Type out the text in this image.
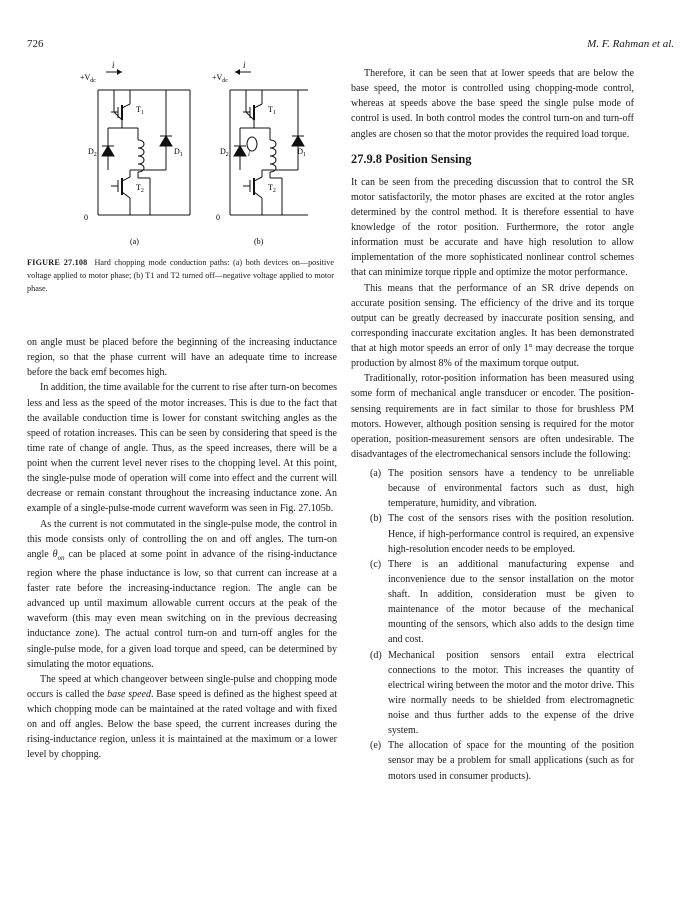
726	M. F. Rahman et al.
i	i
$+V_{dc}$	$+V_{dc}$
$T_1$	$T_1$
$T_2$	$T_2$
$D_2$	$D_2$
$D_1$	$D_1$
i
0	0
(a)	(b)
FIGURE 27.108 Hard chopping mode conduction paths: (a) both devices on—positive voltage applied to motor phase; (b) T1 and T2 turned off—negative voltage applied to motor phase.

on angle must be placed before the beginning of the increasing inductance region, so that the phase current will have an adequate time to increase before the back emf becomes high.

In addition, the time available for the current to rise after turn-on becomes less and less as the speed of the motor increases. This is due to the fact that the available conduction time is lower for constant switching angles as the speed of rotation increases. This can be seen by considering that speed is the time rate of change of angle. Thus, as the speed increases, there will be a point when the current level never rises to the chopping level. At this point, the single-pulse mode of operation will come into effect and the current will decrease or remain constant throughout the increasing inductance zone. An example of a single-pulse-mode current waveform was seen in Fig. 27.105b.

As the current is not commutated in the single-pulse mode, the control in this mode consists only of controlling the on and off angles. The turn-on angle $\theta_{on}$ can be placed at some point in advance of the rising-inductance region where the phase inductance is low, so that current can increase at a faster rate before the increasing-inductance region. The angle can be advanced up until maximum allowable current occurs at the peak of the waveform (this may even mean switching on in the previous decreasing inductance zone). The actual control turn-on and turn-off angles for the single-pulse mode, for a given load torque and speed, can be determined by simulating the motor equations.

The speed at which changeover between single-pulse and chopping mode occurs is called the base speed. Base speed is defined as the highest speed at which chopping mode can be maintained at the rated voltage and with fixed on and off angles. Below the base speed, the current increases during the rising-inductance region, unless it is maintained at the maximum or a lower level by chopping.

Therefore, it can be seen that at lower speeds that are below the base speed, the motor is controlled using chopping-mode control, whereas at speeds above the base speed the single pulse mode of control is used. In both control modes the control turn-on and turn-off angles are chosen so that the motor provides the required load torque.

27.9.8 Position Sensing

It can be seen from the preceding discussion that to control the SR motor satisfactorily, the motor phases are excited at the rotor angles determined by the control method. It is therefore essential to have knowledge of the rotor position. Furthermore, the rotor angle information must be accurate and have high resolution to allow implementation of the more sophisticated nonlinear control schemes that can minimize torque ripple and optimize the motor performance.

This means that the performance of an SR drive depends on accurate position sensing. The efficiency of the drive and its torque output can be greatly decreased by inaccurate position sensing, and corresponding inaccurate excitation angles. It has been demonstrated that at high motor speeds an error of only 1° may decrease the torque production by almost 8% of the maximum torque output.

Traditionally, rotor-position information has been measured using some form of mechanical angle transducer or encoder. The position-sensing requirements are in fact similar to those for brushless PM motors. However, although position sensing is required for the motor operation, position-measurement sensors are often undesirable. The disadvantages of the electromechanical sensors include the following:

(a) The position sensors have a tendency to be unreliable because of environmental factors such as dust, high temperature, humidity, and vibration.
(b) The cost of the sensors rises with the position resolution. Hence, if high-performance control is required, an expensive high-resolution encoder needs to be employed.
(c) There is an additional manufacturing expense and inconvenience due to the sensor installation on the motor shaft. In addition, consideration must be given to maintenance of the motor because of the mechanical mounting of the sensors, which also adds to the design time and cost.
(d) Mechanical position sensors entail extra electrical connections to the motor. This increases the quantity of electrical wiring between the motor and the motor drive. This wire normally needs to be shielded from electromagnetic noise and thus further adds to the expense of the drive system.
(e) The allocation of space for the mounting of the position sensor may be a problem for small applications (such as for motors used in consumer products).
